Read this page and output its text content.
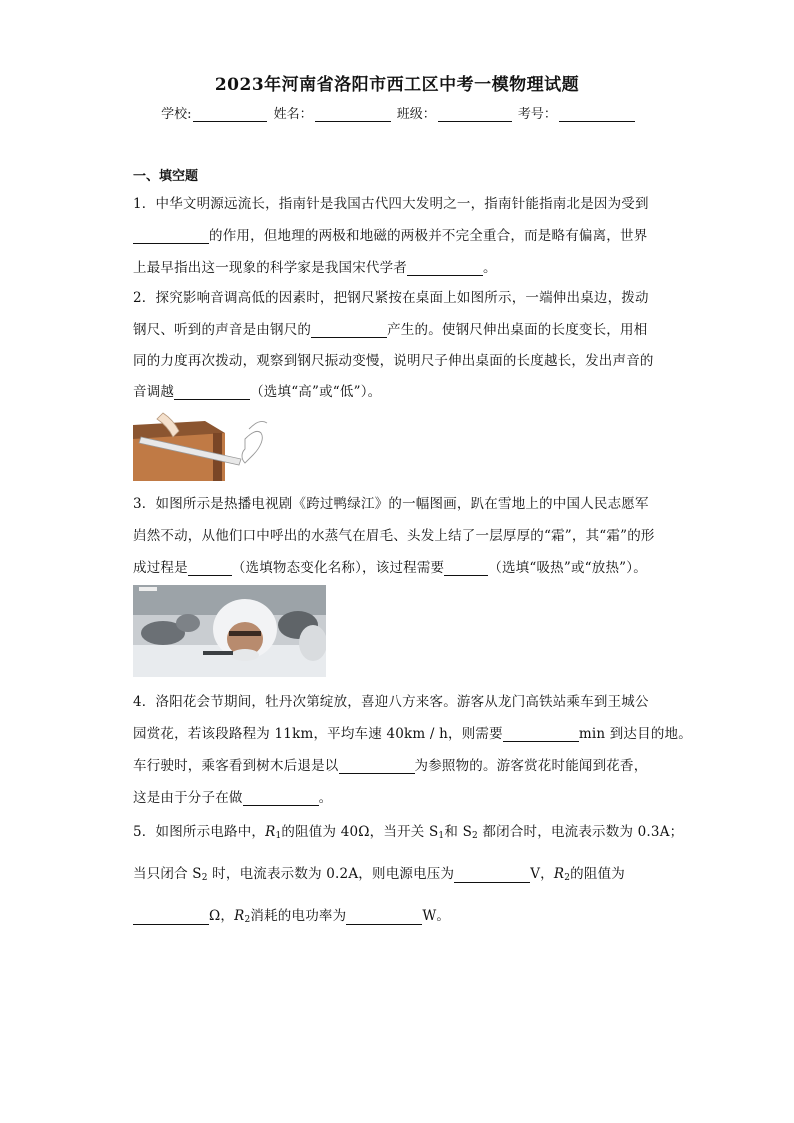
2023年河南省洛阳市西工区中考一模物理试题
学校:	姓名：	班级：	考号：
一、填空题
1．中华文明源远流长，指南针是我国古代四大发明之一，指南针能指南北是因为受到
的作用，但地理的两极和地磁的两极并不完全重合，而是略有偏离，世界
上最早指出这一现象的科学家是我国宋代学者	。
2．探究影响音调高低的因素时，把钢尺紧按在桌面上如图所示，一端伸出桌边，拨动
钢尺、听到的声音是由钢尺的	产生的。使钢尺伸出桌面的长度变长，用相
同的力度再次拨动，观察到钢尺振动变慢，说明尺子伸出桌面的长度越长，发出声音的
音调越	（选填“高”或“低”）。
3．如图所示是热播电视剧《跨过鸭绿江》的一幅图画，趴在雪地上的中国人民志愿军
岿然不动，从他们口中呼出的水蒸气在眉毛、头发上结了一层厚厚的“霜”，其“霜”的形
成过程是	（选填物态变化名称），该过程需要	（选填“吸热”或“放热”）。
4．洛阳花会节期间，牡丹次第绽放，喜迎八方来客。游客从龙门高铁站乘车到王城公
园赏花，若该段路程为 11km，平均车速 40km / h，则需要	min 到达目的地。
车行驶时，乘客看到树木后退是以	为参照物的。游客赏花时能闻到花香，
这是由于分子在做	。
5．如图所示电路中，$R_1$的阻值为 40Ω，当开关 $S_1$和 $S_2$ 都闭合时，电流表示数为 0.3A；
当只闭合 $S_2$ 时，电流表示数为 0.2A，则电源电压为	V，$R_2$的阻值为
Ω，$R_2$消耗的电功率为	W。
